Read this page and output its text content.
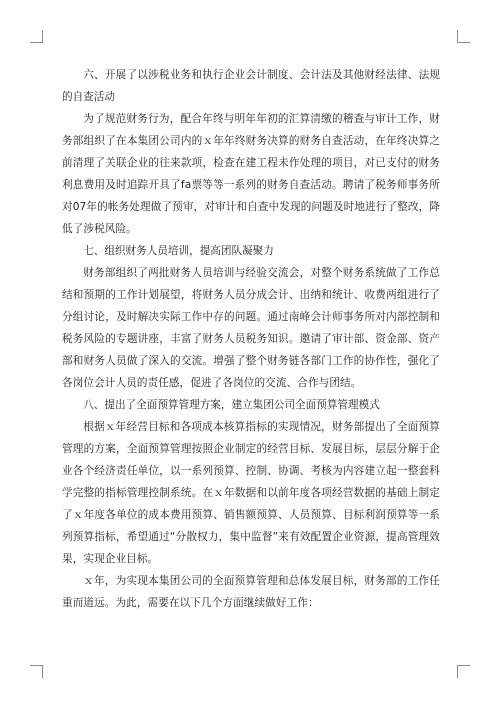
六、开展了以涉税业务和执行企业会计制度、会计法及其他财经法律、法规的自查活动

为了规范财务行为，配合年终与明年年初的汇算清缴的稽查与审计工作，财务部组织了在本集团公司内的ｘ年年终财务决算的财务自查活动，在年终决算之前清理了关联企业的往来款项，检查在建工程未作处理的项目，对已支付的财务利息费用及时追踪开具了fa票等等一系列的财务自查活动。聘请了税务师事务所对07年的帐务处理做了预审，对审计和自查中发现的问题及时地进行了整改，降低了涉税风险。

七、组织财务人员培训，提高团队凝聚力

财务部组织了两批财务人员培训与经验交流会，对整个财务系统做了工作总结和预期的工作计划展望，将财务人员分成会计、出纳和统计、收费两组进行了分组讨论，及时解决实际工作中存的问题。通过南峰会计师事务所对内部控制和税务风险的专题讲座，丰富了财务人员税务知识。邀请了审计部、资金部、资产部和财务人员做了深入的交流。增强了整个财务链各部门工作的协作性，强化了各岗位会计人员的责任感，促进了各岗位的交流、合作与团结。

八、提出了全面预算管理方案，建立集团公司全面预算管理模式

根据ｘ年经营目标和各项成本核算指标的实现情况，财务部提出了全面预算管理的方案，全面预算管理按照企业制定的经营目标、发展目标，层层分解于企业各个经济责任单位，以一系列预算、控制、协调、考核为内容建立起一整套科学完整的指标管理控制系统。在ｘ年数据和以前年度各项经营数据的基础上制定了ｘ年度各单位的成本费用预算、销售额预算、人员预算、目标利润预算等一系列预算指标，希望通过“分散权力，集中监督”来有效配置企业资源，提高管理效果，实现企业目标。

ｘ年，为实现本集团公司的全面预算管理和总体发展目标，财务部的工作任重而道远。为此，需要在以下几个方面继续做好工作：
